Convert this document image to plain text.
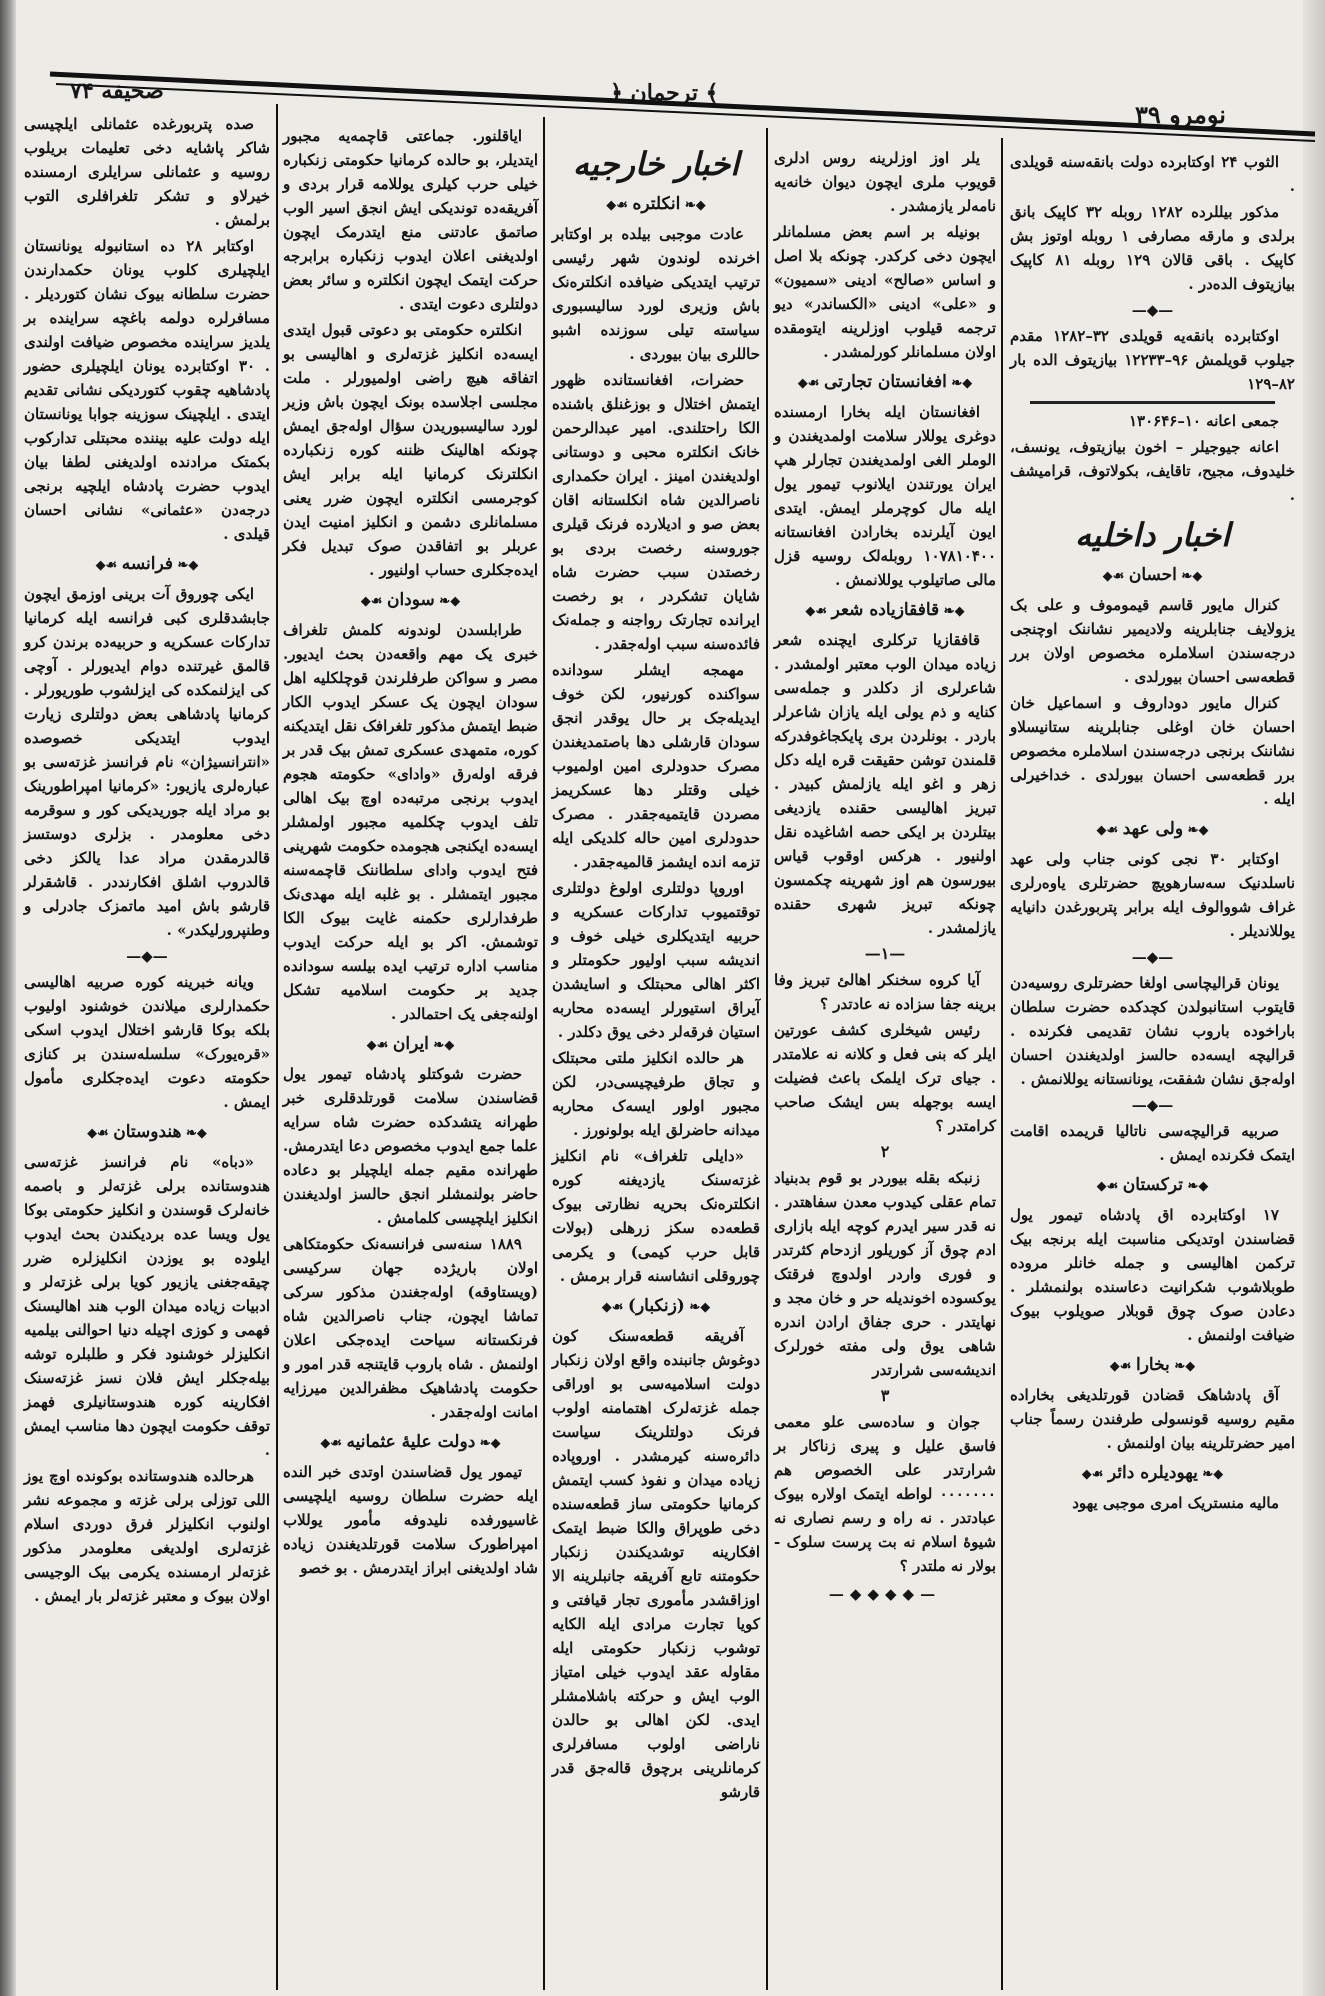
صحیفه ۷۴	﴾ ترجمان ﴿
نومرو ۳۹

صده پتربورغده عثمانلی ایلچیسی شاکر پاشایه دخی تعلیمات بریلوب روسیه و عثمانلی سرایلری ارمسنده خیرلاو و تشکر تلغرافلری التوب برلمش .

اوکتابر ۲۸ ده استانبوله یونانستان ایلچیلری کلوب یونان حکمدارندن حضرت سلطانه بیوک نشان کتوردیلر . مسافرلره دولمه باغچه سراینده بر یلدیز سراینده مخصوص ضیافت اولندی . ۳۰ اوکتابرده یونان ایلچیلری حضور پادشاهیه چقوب کتوردیکی نشانی تقدیم ایتدی . ایلچینک سوزینه جوابا یونانستان ایله دولت علیه بیننده محبتلی تدارکوب بکمتک مرادنده اولدیغنی لطفا بیان ایدوب حضرت پادشاه ایلچیه برنجی درجه‌دن «عثمانی» نشانی احسان قیلدی .

◆❧ فرانسه ☙◆

ایکی چوروق آت برینی اوزمق ایچون جابشدقلری کبی فرانسه ایله کرمانیا تدارکات عسکریه و حربیه‌ده برندن کرو قالمق غیرتنده دوام ایدیورلر . آوچی کی ایزلنمکده کی ایزلشوب طوریورلر . کرمانیا پادشاهی بعض دولتلری زیارت ایدوب ایتدیکی خصوصده «انترانسیژان» نام فرانسز غزته‌سی بو عباره‌لری یازیور: «کرمانیا امپراطورینک بو مراد ایله جوریدیکی کور و سوقرمه دخی معلومدر . بزلری دوستسز قالدرمقدن مراد عدا یالکز دخی قالدروب اشلق افکارنددر . قاشقرلر قارشو باش امید ماتمزک جادرلی و وطنپرورلیکدر» .

—◆—

ویانه خبرینه کوره صربیه اهالیسی حکمدارلری میلاندن خوشنود اولیوب بلکه بوکا قارشو اختلال ایدوب اسکی «قره‌یورک» سلسله‌سندن بر کنازی حکومته دعوت ایده‌جکلری مأمول ایمش .

◆❧ هندوستان ☙◆

«دباه» نام فرانسز غزته‌سی هندوستانده برلی غزته‌لر و باصمه خانه‌لرک قوسندن و انکلیز حکومتی بوکا یول ویسا عده بردیکندن بحث ایدوب ایلوده بو یوزدن انکلیزلره ضرر چیقه‌جغنی یازیور کویا برلی غزته‌لر و ادبیات زیاده میدان الوب هند اهالیسنک فهمی و کوزی اچیله دنیا احوالنی بیلمیه انکلیزلر خوشنود فکر و طلبلره توشه بیله‌جکلر ایش فلان نسز غزته‌سنک افکارینه کوره هندوستانیلری فهمز توقف حکومت ایچون دها مناسب ایمش .

هرحالده هندوستانده بوکونده اوچ یوز اللی توزلی برلی غزته و مجموعه نشر اولنوب انکلیزلر فرق دوردی اسلام غزته‌لری اولدیغی معلومدر مذکور غزته‌لر ارمسنده یکرمی بیک الوجیسی اولان بیوک و معتبر غزته‌لر بار ایمش .

ایاقلنور. جماعتی قاچمه‌یه مجبور ایتدیلر، بو حالده کرمانیا حکومتی زنکباره خیلی حرب کیلری یوللامه قرار بردی و آفریقه‌ده توندیکی ایش انجق اسیر الوب صاتمق عادتنی منع ایتدرمک ایچون اولدیغنی اعلان ایدوب زنکباره برابرجه حرکت ایتمک ایچون انکلتره و سائر بعض دولتلری دعوت ایتدی .

انکلتره حکومتی بو دعوتی قبول ایتدی ایسه‌ده انکلیز غزته‌لری و اهالیسی بو اتفاقه هیچ راضی اولمیورلر . ملت مجلسی اجلاسده بونک ایچون باش وزیر لورد سالیسبوریدن سؤال اوله‌جق ایمش چونکه اهالینک ظننه کوره زنکبارده انکلترنک کرمانیا ایله برابر ایش کوجرمسی انکلتره ایچون ضرر یعنی مسلمانلری دشمن و انکلیز امنیت ایدن عربلر بو اتفاقدن صوک تبدیل فکر ایده‌جکلری حساب اولنیور .

◆❧ سودان ☙◆

طرابلسدن لوندونه کلمش تلغراف خبری یک مهم واقعه‌دن بحث ایدیور. مصر و سواکن طرفلرندن قوچلکلیه اهل سودان ایچون یک عسکر ایدوب الکار ضبط ایتمش مذکور تلغرافک نقل ایتدیکنه کوره، متمهدی عسکری تمش بیک قدر بر فرقه اوله‌رق «وادای» حکومته هجوم ایدوب برنجی مرتبه‌ده اوچ بیک اهالی تلف ایدوب چکلمیه مجبور اولمشلر ایسه‌ده ایکنجی هجومده حکومت شهرینی فتح ایدوب وادای سلطاننک قاچمه‌سنه مجبور ایتمشلر . بو غلبه ایله مهدی‌نک طرفدارلری حکمنه غایت بیوک الکا توشمش. اکر بو ایله حرکت ایدوب مناسب اداره ترتیب ایده بیلسه سودانده جدید بر حکومت اسلامیه تشکل اولنه‌جغی یک احتمالدر .

◆❧ ایران ☙◆

حضرت شوکتلو پادشاه تیمور یول قضاسندن سلامت قورتلدقلری خبر طهرانه یتشدکده حضرت شاه سرایه علما جمع ایدوب مخصوص دعا ایتدرمش. طهرانده مقیم جمله ایلچیلر بو دعاده حاضر بولنمشلر انجق حالسز اولدیغندن انکلیز ایلچیسی کلمامش .

۱۸۸۹ سنه‌سی فرانسه‌نک حکومتکاهی اولان باریژده جهان سرکیسی (ویستاوقه) اوله‌جغندن مذکور سرکی تماشا ایچون، جناب ناصرالدین شاه فرنکستانه سیاحت ایده‌جکی اعلان اولنمش . شاه باروب قایتنجه قدر امور و حکومت پادشاهیک مظفرالدین میرزایه امانت اوله‌جقدر .

◆❧ دولت علیهٔ عثمانیه ☙◆

تیمور یول قضاسندن اوتدی خبر النده ایله حضرت سلطان روسیه ایلچیسی غاسیورفده نلیدوفه مأمور یوللاب امپراطورک سلامت قورتلدیغندن زیاده شاد اولدیغنی ابراز ایتدرمش . بو خصو

اخبار خارجیه
◆❧ انکلتره ☙◆

عادت موجبی بیلده بر اوکتابر اخرنده لوندون شهر رئیسی ترتیب ایتدیکی ضیافده انکلتره‌نک باش وزیری لورد سالیسبوری سیاسته تیلی سوزنده اشبو حاللری بیان بیوردی .

حضرات، افغانستانده ظهور ایتمش اختلال و بوزغنلق باشنده الکا راحتلندی. امیر عبدالرحمن خانک انکلتره محبی و دوستانی اولدیغندن امینز . ایران حکمداری ناصرالدین شاه انکلستانه اقان بعض صو و ادیلارده فرنک قیلری جوروسنه رخصت بردی بو رخصتدن سبب حضرت شاه شایان تشکردر ، بو رخصت ایرانده تجارتک رواجنه و جمله‌نک فائده‌سنه سبب اوله‌جقدر .

مهمجه ایشلر سودانده سواکنده کورنیور، لکن خوف ایدیله‌جک بر حال یوقدر انجق سودان قارشلی دها باصتمدیغندن مصرک حدودلری امین اولمیوب خیلی وقتلر دها عسکریمز مصردن قایتمیه‌جقدر . مصرک حدودلری امین حاله کلدیکی ایله تزمه انده ایشمز قالمیه‌جقدر .

اوروپا دولتلری اولوغ دولتلری توقتمیوب تدارکات عسکریه و حربیه ایتدیکلری خیلی خوف و اندیشه سبب اولیور حکومتلر و اکثر اهالی محبتلک و اسایشدن آیراق استیورلر ایسه‌ده محاربه استیان فرقه‌لر دخی یوق دکلدر .

هر حالده انکلیز ملتی محبتلک و تجاق طرفیچیسی‌در، لکن مجبور اولور ایسه‌ک محاربه میدانه حاضرلق ایله بولونورز .

«دایلی تلغراف» نام انکلیز غزته‌سنک یازدیغنه کوره انکلتره‌نک بحریه نظارتی بیوک قطعه‌ده سکز زرهلی (بولات قابل حرب کیمی) و یکرمی چوروقلی انشاسنه قرار برمش .

◆❧ (زنکبار) ☙◆

آفریقه قطعه‌سنک کون دوغوش جانبنده واقع اولان زنکبار دولت اسلامیه‌سی بو اوراقی جمله غزته‌لرک اهتمامنه اولوب فرنک دولتلرینک سیاست دائره‌سنه کیرمشدر . اوروپاده زیاده میدان و نفوذ کسب ایتمش کرمانیا حکومتی ساز قطعه‌سنده دخی طوپراق والکا ضبط ایتمک افکارینه توشدیکندن زنکبار حکومتنه تابع آفریقه جانبلرینه الا اوزاقشدر مأموری تجار قیافتی و کویا تجارت مرادی ایله الکایه توشوب زنکبار حکومتی ایله مقاوله عقد ایدوب خیلی امتیاز الوب ایش و حرکته باشلامشلر ایدی. لکن اهالی بو حالدن ناراضی اولوب مسافرلری کرمانلرینی برچوق قاله‌جق قدر قارشو

یلر اوز اوزلرینه روس ادلری قویوب ملری ایچون دیوان خانه‌یه نامه‌لر یازمشدر .

بونیله بر اسم بعض مسلمانلر ایچون دخی کرکدر. چونکه بلا اصل و اساس «صالح» ادینی «سمیون» و «علی» ادینی «الکساندر» دیو ترجمه قیلوب اوزلرینه ایتومقده اولان مسلمانلر کورلمشدر .

◆❧ افغانستان تجارتی ☙◆

افغانستان ایله بخارا ارمسنده دوغری یوللار سلامت اولمدیغندن و الوملر الغی اولمدیغندن تجارلر هپ ایران یورتندن ایلانوب تیمور یول ایله مال کوچرملر ایمش. ایتدی ایون آیلرنده بخارادن افغانستانه ۱۰۷۸۱۰۴۰۰ روبله‌لک روسیه قزل مالی صاتیلوب یوللانمش .

◆❧ قافقازیاده شعر ☙◆

قافقازیا ترکلری ایچنده شعر زیاده میدان الوب معتبر اولمشدر . شاعرلری از دکلدر و جمله‌سی کنایه و ذم یولی ایله یازان شاعرلر باردر . بونلردن بری پایکجاغوفدرکه قلمندن توشن حقیقت قره ایله دکل زهر و اغو ایله یازلمش کبیدر . تبریز اهالیسی حقنده یازدیغی بیتلردن بر ایکی حصه اشاغیده نقل اولنیور . هرکس اوقوب قیاس بیورسون هم اوز شهرینه چکمسون چونکه تبریز شهری حقنده یازلمشدر .

—۱—

آیا کروه سخنکر اهالئ تبریز وفا برینه جفا سزاده نه عادتدر ؟

رئیس شیخلری کشف عورتین ایلر که بنی فعل و کلانه نه علامتدر . جیای ترک ایلمک باعث فضیلت ایسه بوجهله بس ایشک صاحب کرامتدر ؟

۲

زنبکه بقله بیوردر بو قوم بدبنیاد تمام عقلی کیدوب معدن سفاهتدر . نه قدر سیر ایدرم کوچه ایله بازاری ادم چوق آز کوریلور ازدحام کثرتدر و فوری واردر اولدوچ فرقتک یوکسوده اخوندیله حر و خان مجد و نهایتدر . حری جفاق ارادن اندره شاهی یوق ولی مفته خورلرک اندیشه‌سی شرارتدر

۳

جوان و ساده‌سی علو معمی فاسق علیل و پیری زناکار بر شرارتدر علی الخصوص هم ۰۰۰۰۰۰۰ لواطه ایتمک اولاره بیوک عبادتدر . نه راه و رسم نصاری نه شیوهٔ اسلام نه بت پرست سلوک - بولار نه ملتدر ؟

—◆◆◆◆—

الثوب ۲۴ اوکتابرده دولت بانقه‌سنه قویلدی .

مذکور بیللرده ۱۲۸۲ روبله ۳۲ کاپیک بانق برلدی و مارقه مصارفی ۱ روبله اوتوز بش کاپیک . باقی قالان ۱۲۹ روبله ۸۱ کاپیک بیازیتوف الده‌در .

—◆—

اوکتابرده بانقه‌یه قویلدی ۳۲–۱۲۸۲ مقدم جیلوب قویلمش ۹۶–۱۲۲۳۳ بیازیتوف الده بار ۸۲–۱۲۹

جمعی اعانه ۱۰–۱۳۰۶۴۶

اعانه جیوجیلر – اخون بیازیتوف، یونسف، خلیدوف، مجیح، تاقایف، بکولاتوف، قرامیشف .

اخبار داخلیه
◆❧ احسان ☙◆

کنرال مایور قاسم قیموموف و علی بک یزولایف جنابلرینه ولادیمیر نشاننک اوچنجی درجه‌سندن اسلاملره مخصوص اولان برر قطعه‌سی احسان بیورلدی .

کنرال مایور دوداروف و اسماعیل خان احسان خان اوغلی جنابلرینه ستانیسلاو نشاننک برنجی درجه‌سندن اسلاملره مخصوص برر قطعه‌سی احسان بیورلدی . خداخیرلی ایله .

◆❧ ولی عهد ☙◆

اوکتابر ۳۰ نجی کونی جناب ولی عهد ناسلدنیک سه‌سارهویچ حضرتلری یاوه‌رلری غراف شووالوف ایله برابر پتربورغدن دانیایه یوللاندیلر .

—◆—

یونان قرالیچاسی اولغا حضرتلری روسیه‌دن قایتوب استانبولدن کچدکده حضرت سلطان باراخوده باروب نشان تقدیمی فکرنده . قرالیچه ایسه‌ده حالسز اولدیغندن احسان اوله‌جق نشان شفقت، یونانستانه یوللانمش .

—◆—

صربیه قرالیچه‌سی ناتالیا قریمده اقامت ایتمک فکرنده ایمش .

◆❧ ترکستان ☙◆

۱۷ اوکتابرده اق پادشاه تیمور یول قضاسندن اوتدیکی مناسبت ایله برنجه بیک ترکمن اهالیسی و جمله خانلر مروده طوبلاشوب شکرانیت دعاسنده بولنمشلر . دعادن صوک چوق قوبلار صویلوب بیوک ضیافت اولنمش .

◆❧ بخارا ☙◆

آق پادشاهک قضادن قورتلدیغی بخاراده مقیم روسیه قونسولی طرفندن رسماً جناب امیر حضرتلرینه بیان اولنمش .

◆❧ یهودیلره دائر ☙◆

مالیه منستریک امری موجبی یهود
